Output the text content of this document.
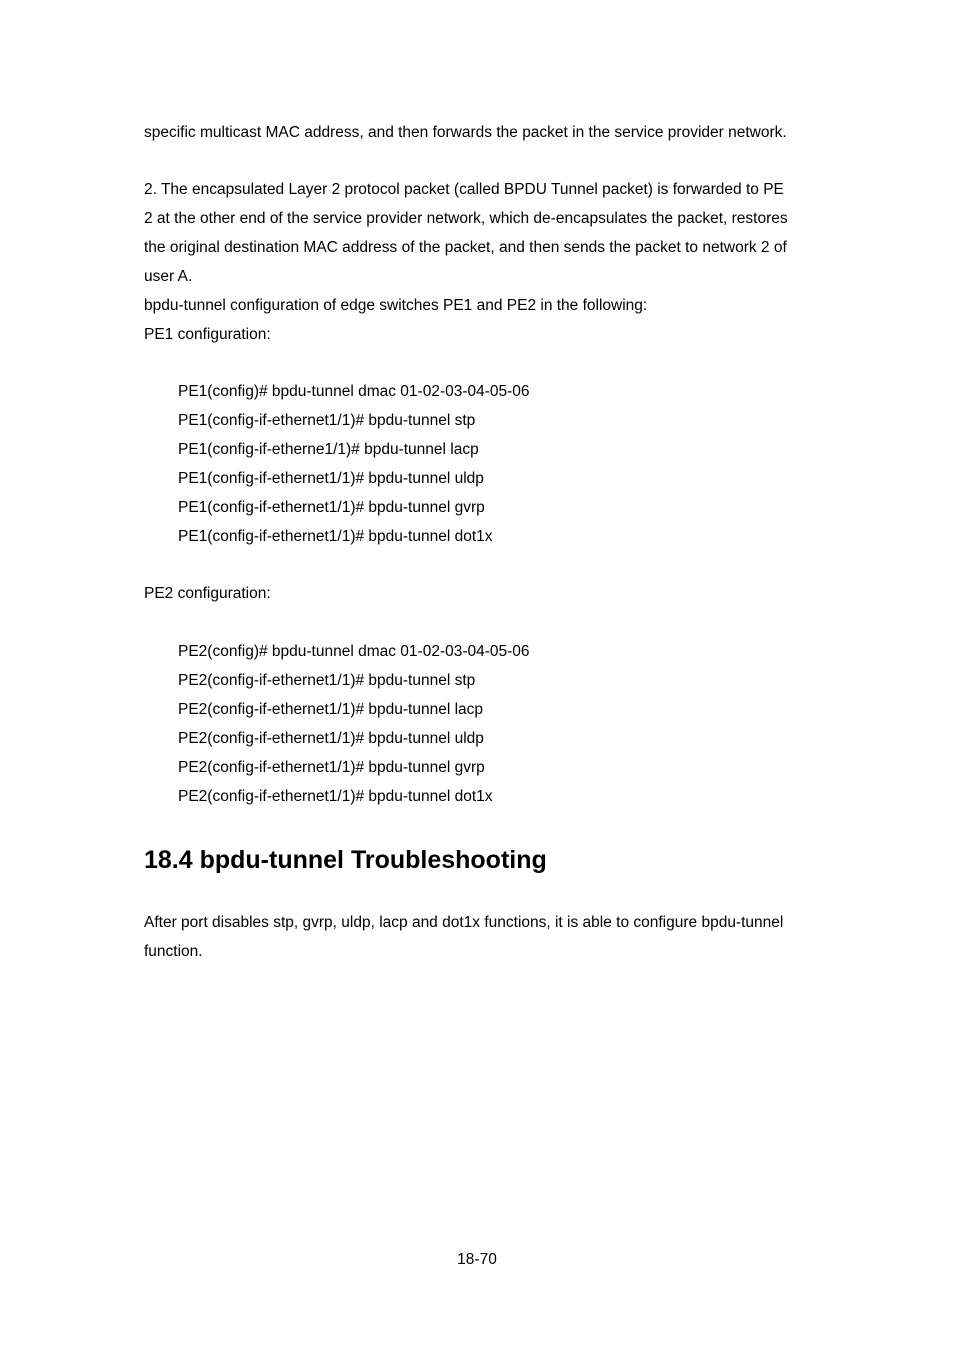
specific multicast MAC address, and then forwards the packet in the service provider network.

2. The encapsulated Layer 2 protocol packet (called BPDU Tunnel packet) is forwarded to PE

2 at the other end of the service provider network, which de-encapsulates the packet, restores

the original destination MAC address of the packet, and then sends the packet to network 2 of

user A.

bpdu-tunnel configuration of edge switches PE1 and PE2 in the following:

PE1 configuration:

PE1(config)# bpdu-tunnel dmac 01-02-03-04-05-06

PE1(config-if-ethernet1/1)# bpdu-tunnel stp

PE1(config-if-etherne1/1)# bpdu-tunnel lacp

PE1(config-if-ethernet1/1)# bpdu-tunnel uldp

PE1(config-if-ethernet1/1)# bpdu-tunnel gvrp

PE1(config-if-ethernet1/1)# bpdu-tunnel dot1x

PE2 configuration:

PE2(config)# bpdu-tunnel dmac 01-02-03-04-05-06

PE2(config-if-ethernet1/1)# bpdu-tunnel stp

PE2(config-if-ethernet1/1)# bpdu-tunnel lacp

PE2(config-if-ethernet1/1)# bpdu-tunnel uldp

PE2(config-if-ethernet1/1)# bpdu-tunnel gvrp

PE2(config-if-ethernet1/1)# bpdu-tunnel dot1x

18.4 bpdu-tunnel Troubleshooting

After port disables stp, gvrp, uldp, lacp and dot1x functions, it is able to configure bpdu-tunnel

function.

18-70
